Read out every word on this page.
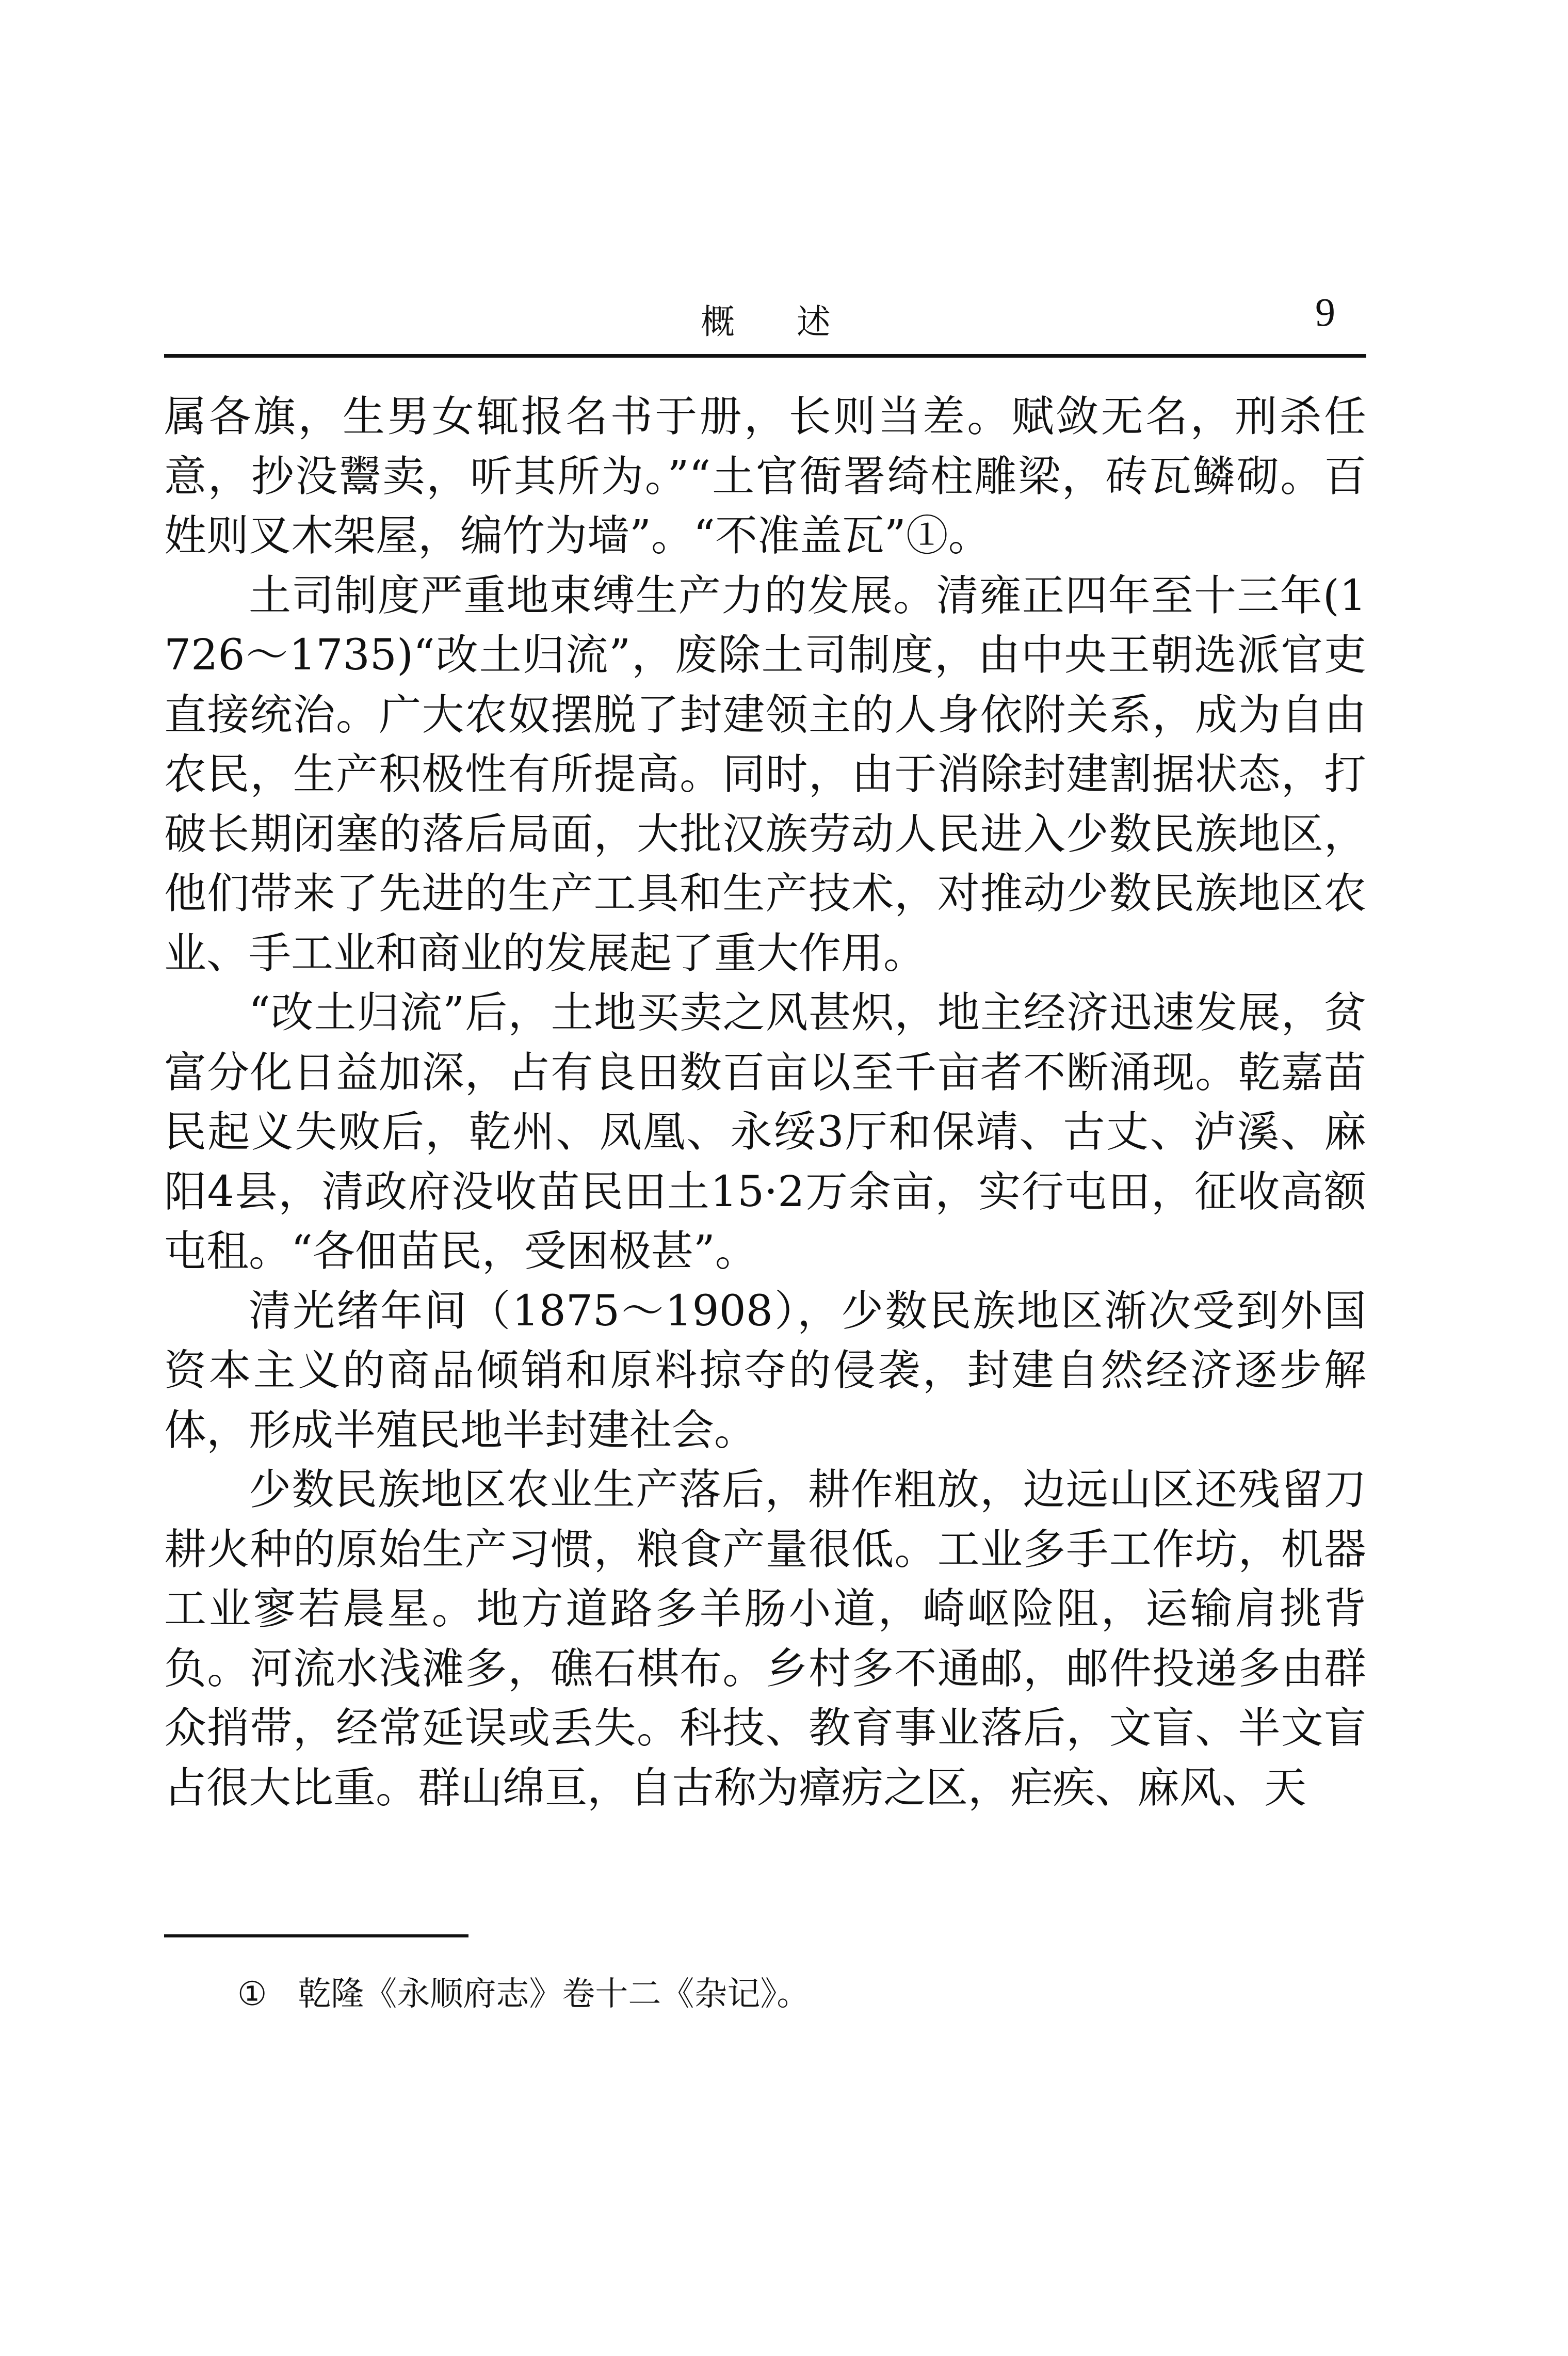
概述	9

属各旗，生男女辄报名书于册，长则当差。赋敛无名，刑杀任意，抄没鬻卖，听其所为。”“土官衙署绮柱雕梁，砖瓦鳞砌。百姓则叉木架屋，编竹为墙”。“不准盖瓦”①。

土司制度严重地束缚生产力的发展。清雍正四年至十三年(1726～1735)“改土归流”，废除土司制度，由中央王朝选派官吏直接统治。广大农奴摆脱了封建领主的人身依附关系，成为自由农民，生产积极性有所提高。同时，由于消除封建割据状态，打破长期闭塞的落后局面，大批汉族劳动人民进入少数民族地区，他们带来了先进的生产工具和生产技术，对推动少数民族地区农业、手工业和商业的发展起了重大作用。

“改土归流”后，土地买卖之风甚炽，地主经济迅速发展，贫富分化日益加深，占有良田数百亩以至千亩者不断涌现。乾嘉苗民起义失败后，乾州、凤凰、永绥3厅和保靖、古丈、泸溪、麻阳4县，清政府没收苗民田土15·2万余亩，实行屯田，征收高额屯租。“各佃苗民，受困极甚”。

清光绪年间（1875～1908），少数民族地区渐次受到外国资本主义的商品倾销和原料掠夺的侵袭，封建自然经济逐步解体，形成半殖民地半封建社会。

少数民族地区农业生产落后，耕作粗放，边远山区还残留刀耕火种的原始生产习惯，粮食产量很低。工业多手工作坊，机器工业寥若晨星。地方道路多羊肠小道，崎岖险阻，运输肩挑背负。河流水浅滩多，礁石棋布。乡村多不通邮，邮件投递多由群众捎带，经常延误或丢失。科技、教育事业落后，文盲、半文盲占很大比重。群山绵亘，自古称为瘴疠之区，疟疾、麻风、天

① 乾隆《永顺府志》卷十二《杂记》。
